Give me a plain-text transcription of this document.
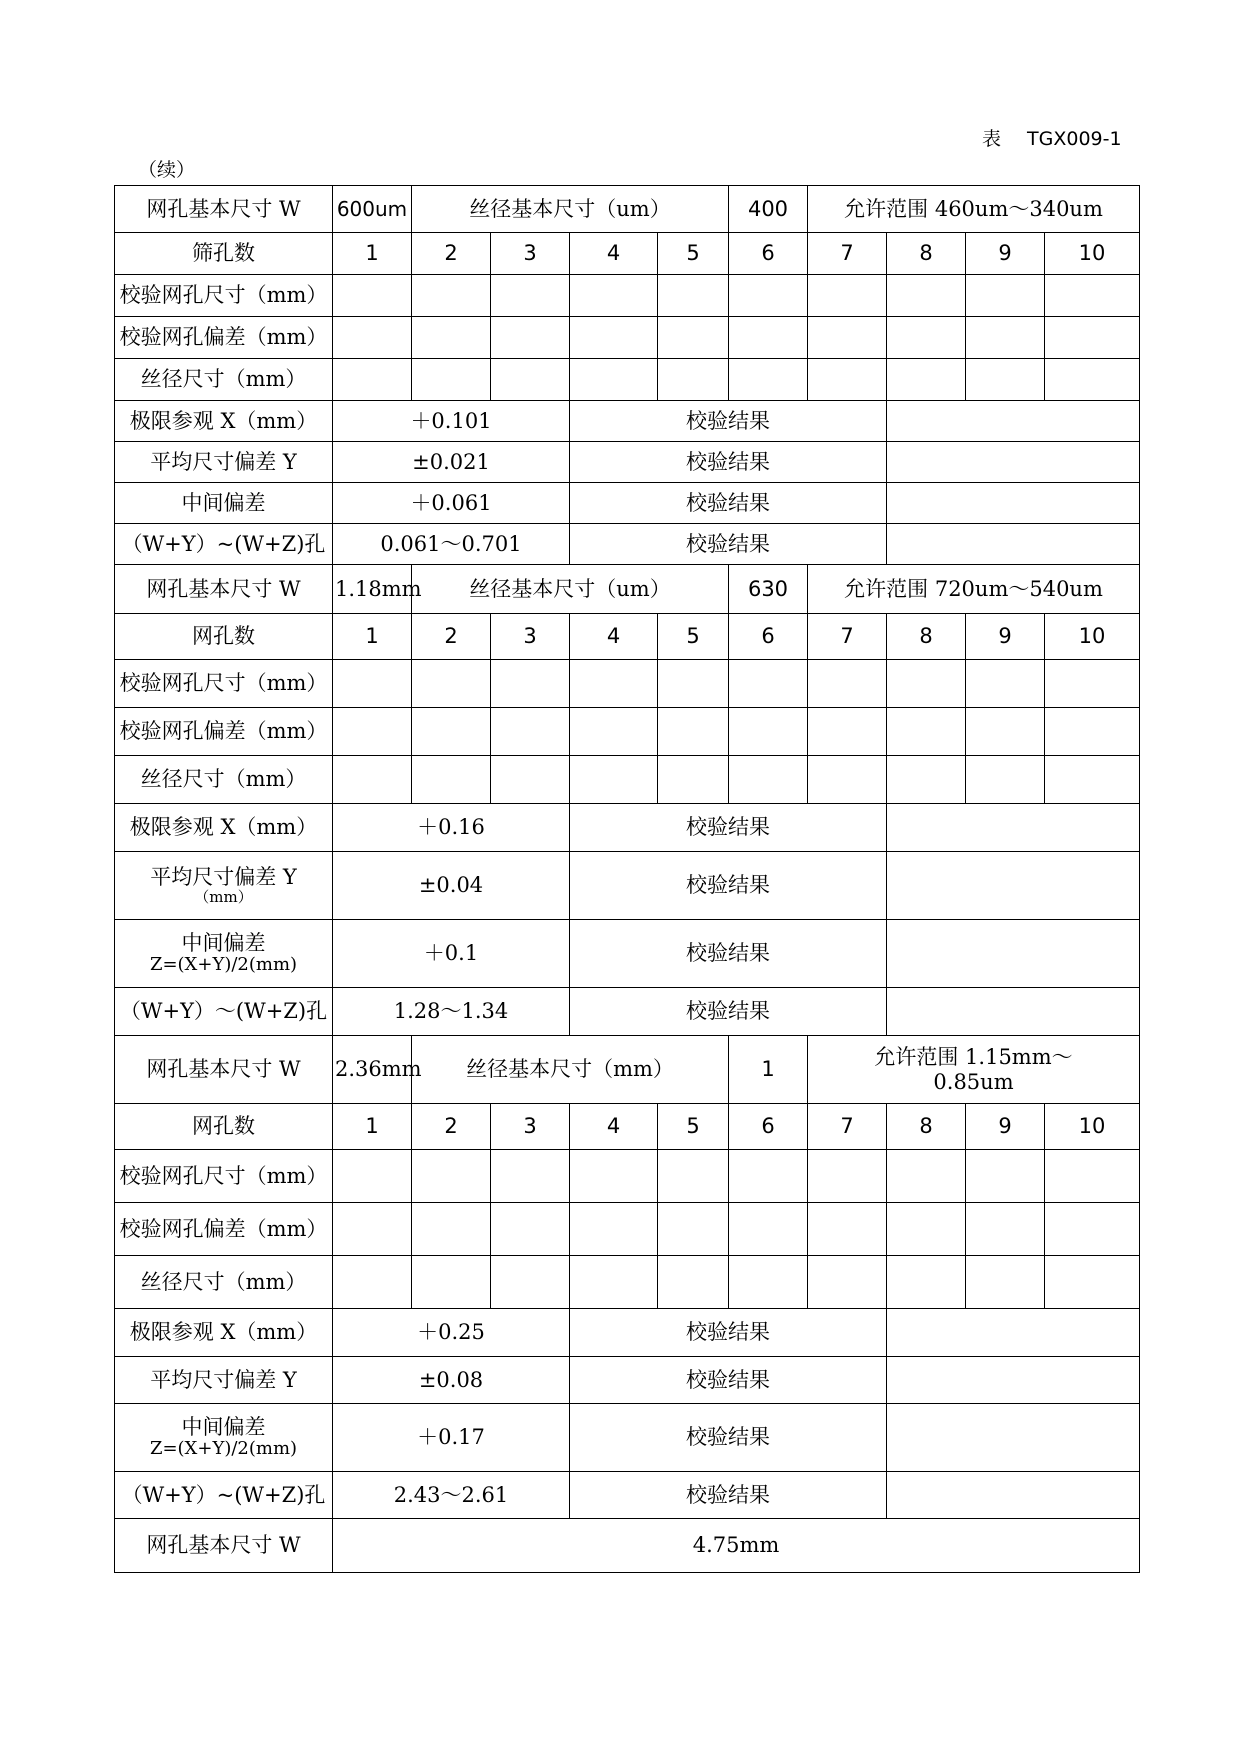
表 TGX009-1
（续）
网孔基本尺寸 W	600um	丝径基本尺寸（um）				400	允许范围 460um～340um			
筛孔数	1	2	3	4	5	6	7	8	9	10
校验网孔尺寸（mm）										
校验网孔偏差（mm）										
丝径尺寸（mm）										
极限参观 X（mm）	＋0.101			校验结果						
平均尺寸偏差 Y	±0.021			校验结果						
中间偏差	＋0.061			校验结果						
（W+Y）~(W+Z)孔	0.061～0.701			校验结果						
网孔基本尺寸 W	1.18mm	丝径基本尺寸（um）				630	允许范围 720um～540um			
网孔数	1	2	3	4	5	6	7	8	9	10
校验网孔尺寸（mm）										
校验网孔偏差（mm）										
丝径尺寸（mm）										
极限参观 X（mm）	＋0.16			校验结果						

平均尺寸偏差 Y
（mm）	±0.04			校验结果						

中间偏差
Z=(X+Y)/2(mm)	＋0.1			校验结果						
（W+Y）～(W+Z)孔	1.28～1.34			校验结果						
网孔基本尺寸 W	2.36mm	丝径基本尺寸（mm）				1	允许范围 1.15mm～
0.85um			

网孔数	1	2	3	4	5	6	7	8	9	10
校验网孔尺寸（mm）										
校验网孔偏差（mm）										
丝径尺寸（mm）										
极限参观 X（mm）	＋0.25			校验结果						
平均尺寸偏差 Y	±0.08			校验结果						

中间偏差
Z=(X+Y)/2(mm)	＋0.17			校验结果						
（W+Y）~(W+Z)孔	2.43～2.61			校验结果						
网孔基本尺寸 W	4.75mm									
